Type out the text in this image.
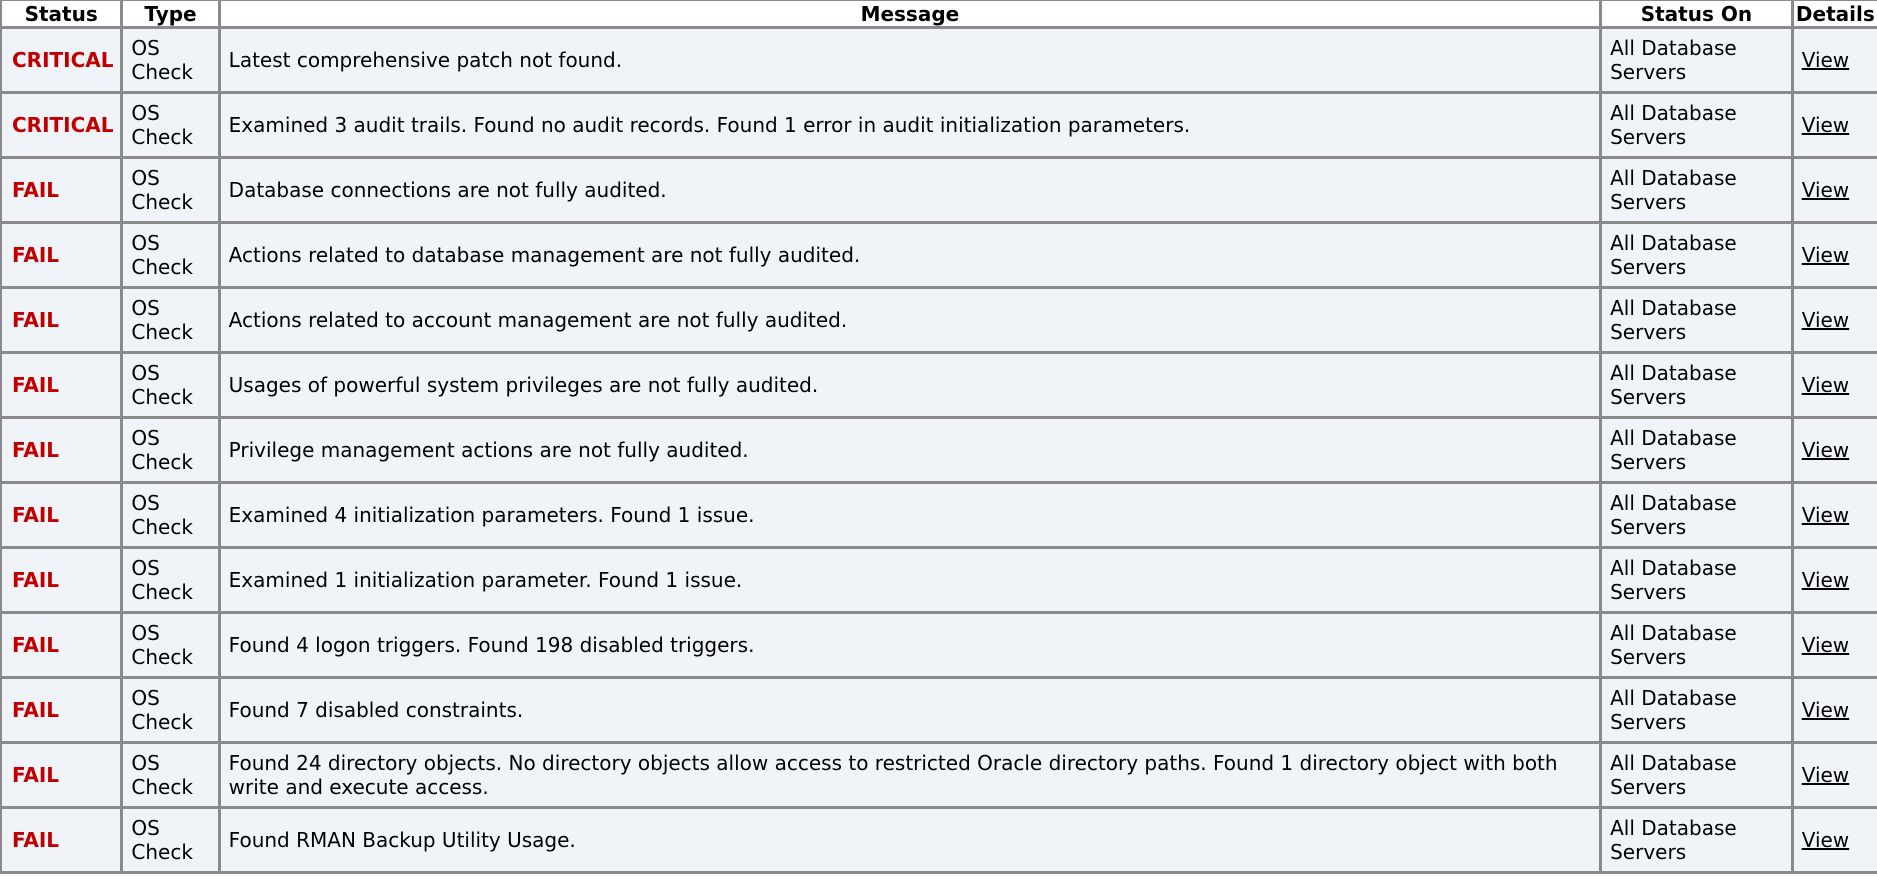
Status	Type	Message	Status On	Details
CRITICAL	OS Check	Latest comprehensive patch not found.	All Database Servers	View
CRITICAL	OS Check	Examined 3 audit trails. Found no audit records. Found 1 error in audit initialization parameters.	All Database Servers	View
FAIL	OS Check	Database connections are not fully audited.	All Database Servers	View
FAIL	OS Check	Actions related to database management are not fully audited.	All Database Servers	View
FAIL	OS Check	Actions related to account management are not fully audited.	All Database Servers	View
FAIL	OS Check	Usages of powerful system privileges are not fully audited.	All Database Servers	View
FAIL	OS Check	Privilege management actions are not fully audited.	All Database Servers	View
FAIL	OS Check	Examined 4 initialization parameters. Found 1 issue.	All Database Servers	View
FAIL	OS Check	Examined 1 initialization parameter. Found 1 issue.	All Database Servers	View
FAIL	OS Check	Found 4 logon triggers. Found 198 disabled triggers.	All Database Servers	View
FAIL	OS Check	Found 7 disabled constraints.	All Database Servers	View
FAIL	OS Check	Found 24 directory objects. No directory objects allow access to restricted Oracle directory paths. Found 1 directory object with both write and execute access.	All Database Servers	View
FAIL	OS Check	Found RMAN Backup Utility Usage.	All Database Servers	View
